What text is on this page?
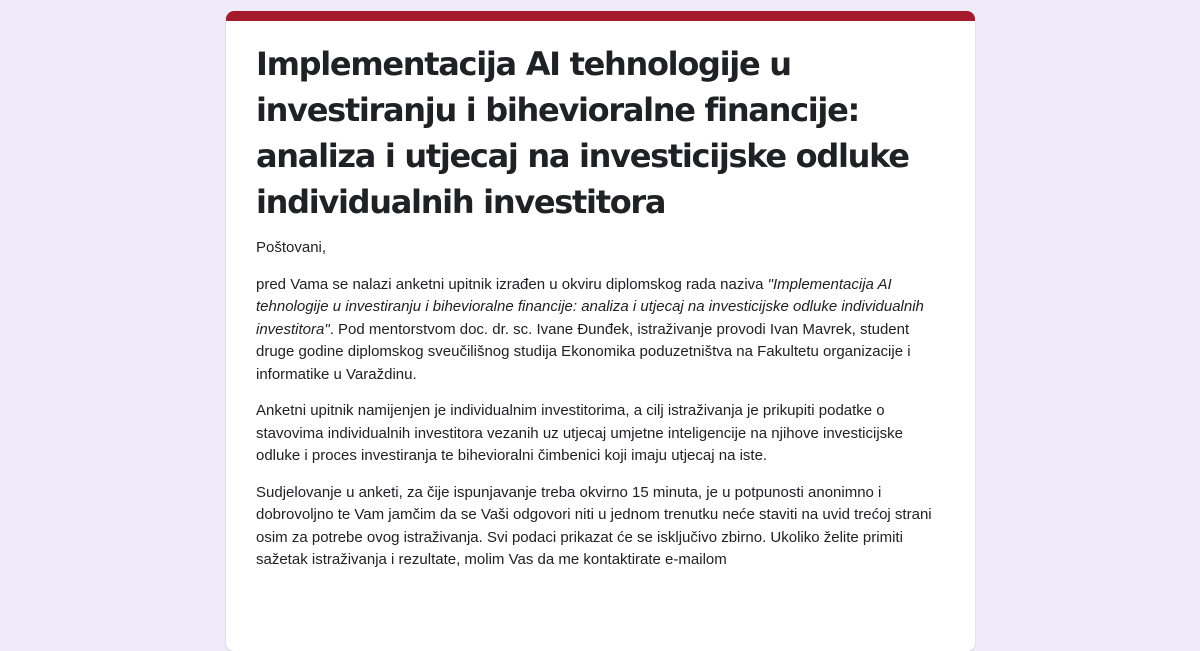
Implementacija AI tehnologije u investiranju i bihevioralne financije: analiza i utjecaj na investicijske odluke individualnih investitora

Poštovani,

pred Vama se nalazi anketni upitnik izrađen u okviru diplomskog rada naziva "Implementacija AI tehnologije u investiranju i bihevioralne financije: analiza i utjecaj na investicijske odluke individualnih investitora". Pod mentorstvom doc. dr. sc. Ivane Đunđek, istraživanje provodi Ivan Mavrek, student druge godine diplomskog sveučilišnog studija Ekonomika poduzetništva na Fakultetu organizacije i informatike u Varaždinu.

Anketni upitnik namijenjen je individualnim investitorima, a cilj istraživanja je prikupiti podatke o stavovima individualnih investitora vezanih uz utjecaj umjetne inteligencije na njihove investicijske odluke i proces investiranja te bihevioralni čimbenici koji imaju utjecaj na iste.

Sudjelovanje u anketi, za čije ispunjavanje treba okvirno 15 minuta, je u potpunosti anonimno i dobrovoljno te Vam jamčim da se Vaši odgovori niti u jednom trenutku neće staviti na uvid trećoj strani osim za potrebe ovog istraživanja. Svi podaci prikazat će se isključivo zbirno. Ukoliko želite primiti sažetak istraživanja i rezultate, molim Vas da me kontaktirate e-mailom
